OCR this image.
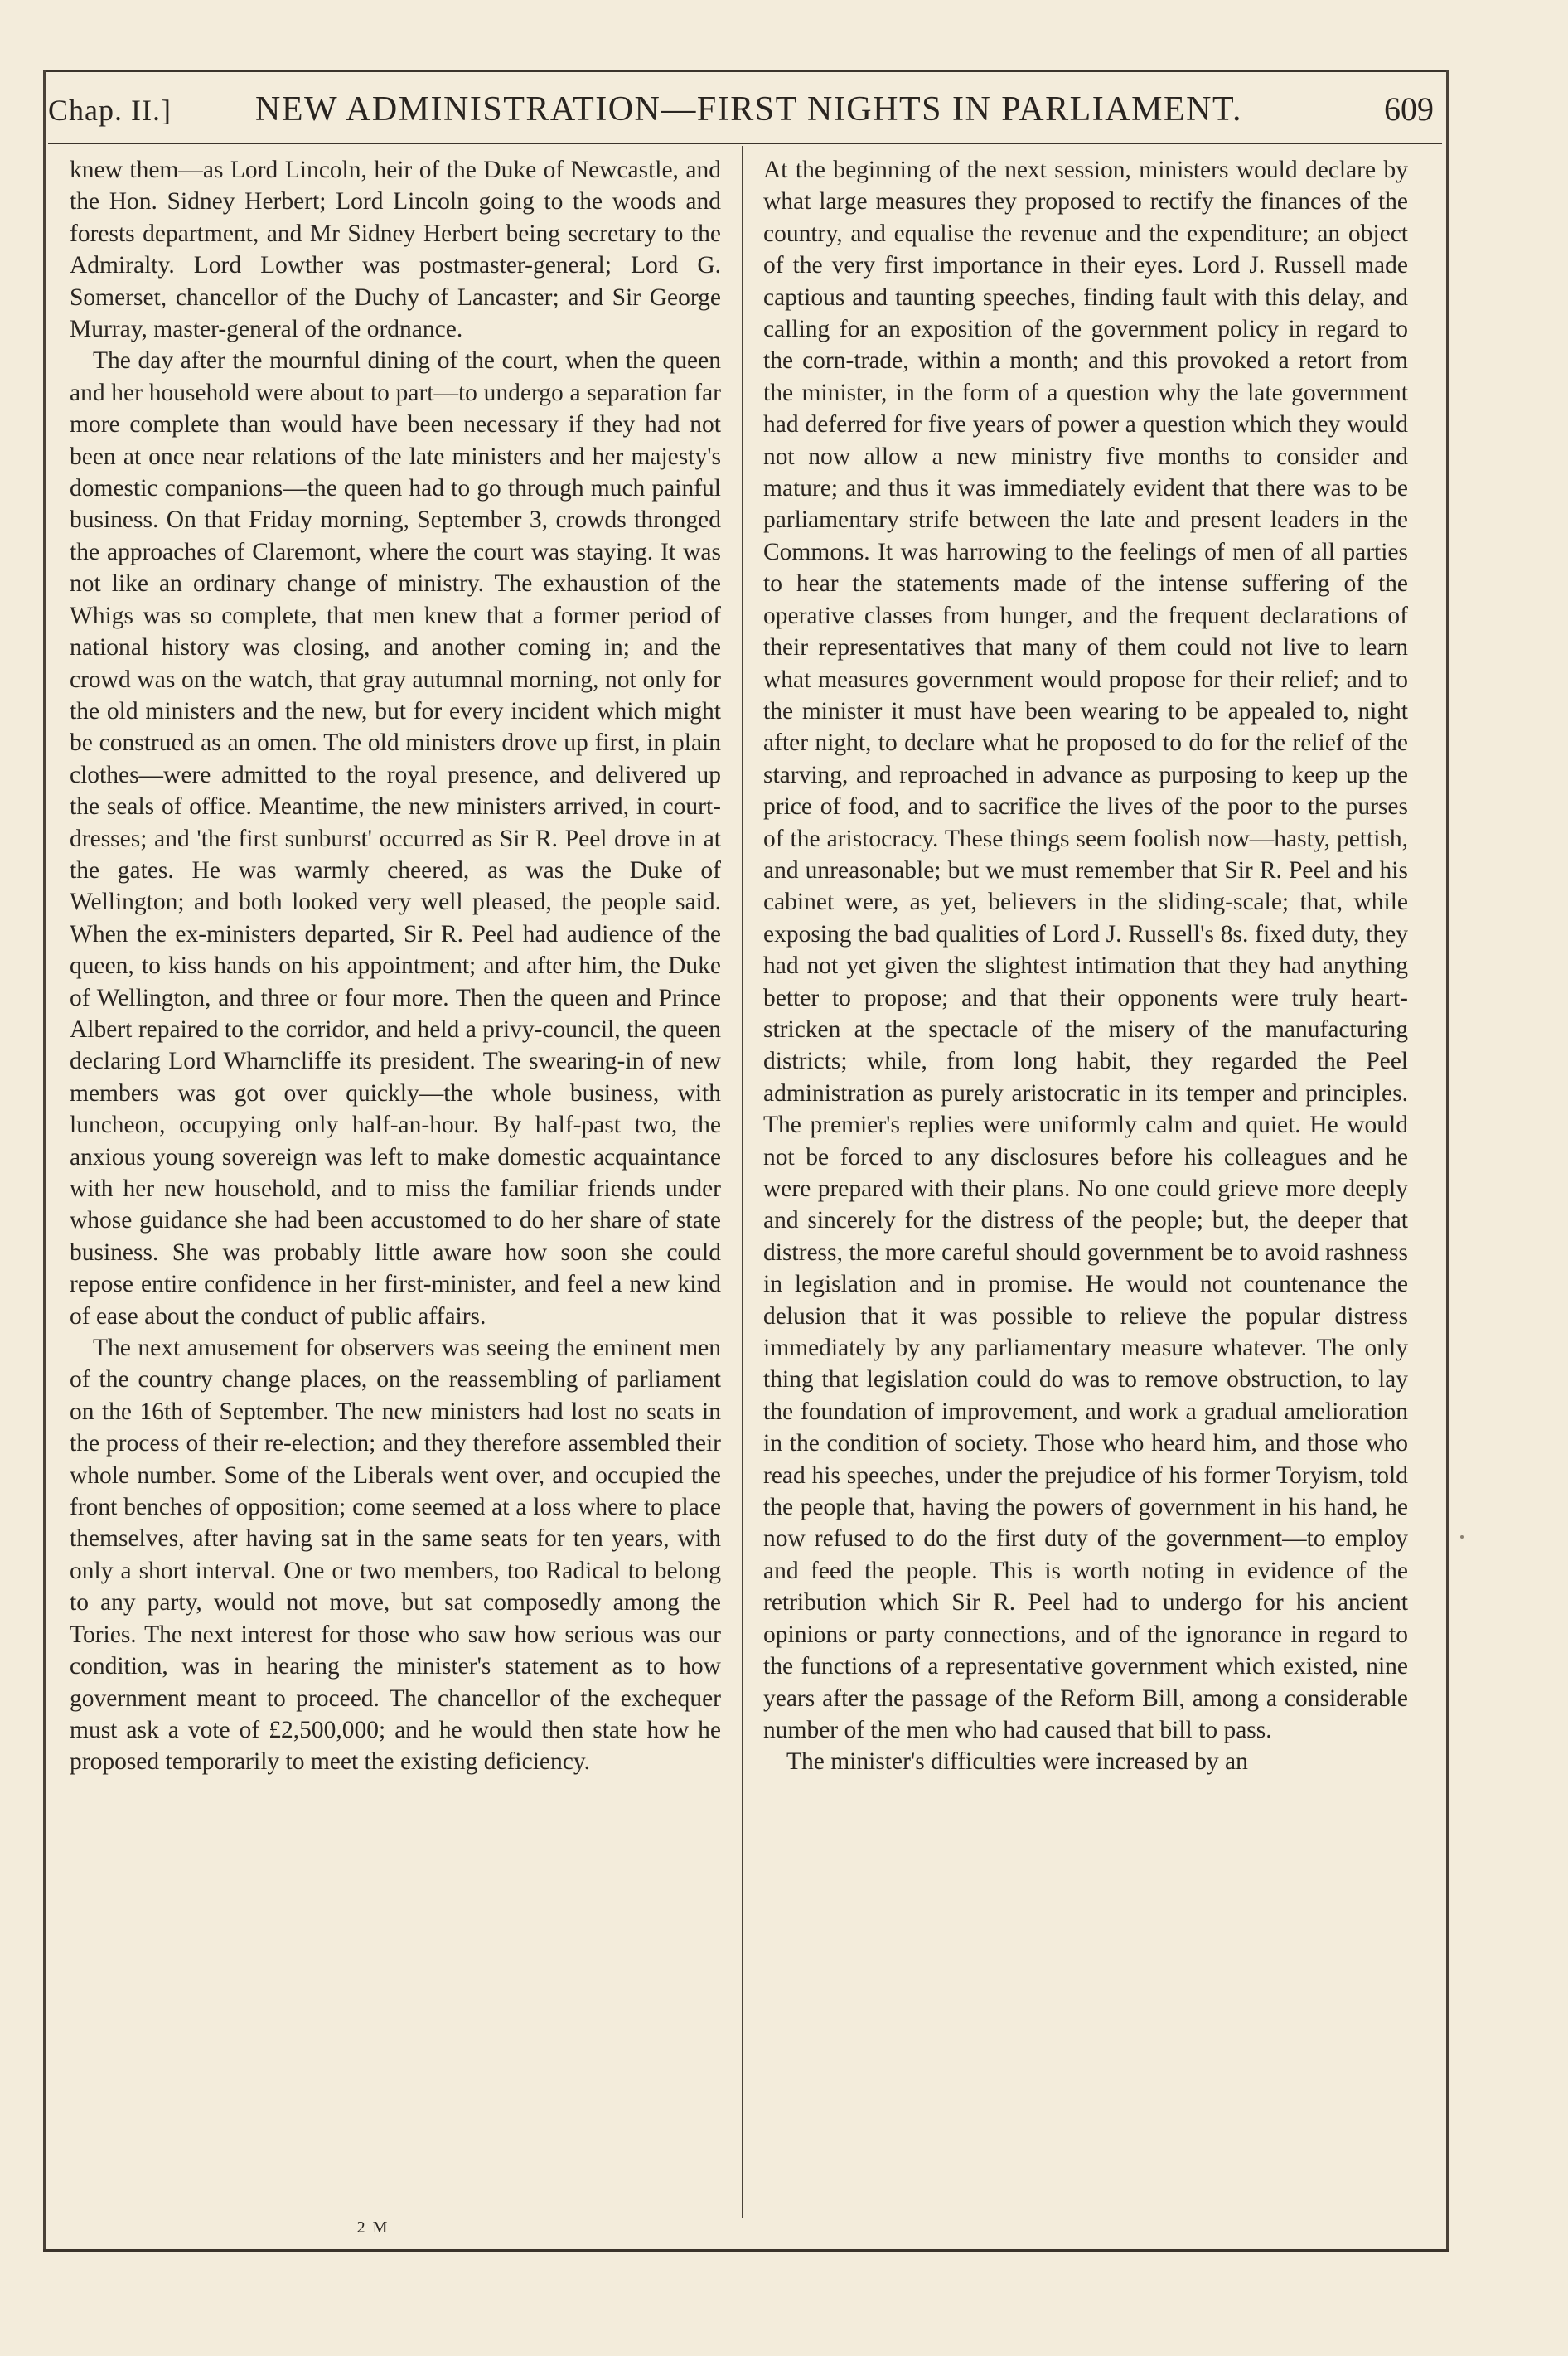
Chap. II.] NEW ADMINISTRATION—FIRST NIGHTS IN PARLIAMENT.	609

knew them—as Lord Lincoln, heir of the Duke of Newcastle, and the Hon. Sidney Herbert; Lord Lincoln going to the woods and forests department, and Mr Sidney Herbert being secretary to the Admiralty. Lord Lowther was postmaster-general; Lord G. Somerset, chancellor of the Duchy of Lancaster; and Sir George Murray, master-general of the ordnance.

The day after the mournful dining of the court, when the queen and her household were about to part—to undergo a separation far more complete than would have been necessary if they had not been at once near relations of the late ministers and her majesty's domestic companions—the queen had to go through much painful business. On that Friday morning, September 3, crowds thronged the approaches of Claremont, where the court was staying. It was not like an ordinary change of ministry. The exhaustion of the Whigs was so complete, that men knew that a former period of national history was closing, and another coming in; and the crowd was on the watch, that gray autumnal morning, not only for the old ministers and the new, but for every incident which might be construed as an omen. The old ministers drove up first, in plain clothes—were admitted to the royal presence, and delivered up the seals of office. Meantime, the new ministers arrived, in court-dresses; and 'the first sunburst' occurred as Sir R. Peel drove in at the gates. He was warmly cheered, as was the Duke of Wellington; and both looked very well pleased, the people said. When the ex-ministers departed, Sir R. Peel had audience of the queen, to kiss hands on his appointment; and after him, the Duke of Wellington, and three or four more. Then the queen and Prince Albert repaired to the corridor, and held a privy-council, the queen declaring Lord Wharncliffe its president. The swearing-in of new members was got over quickly—the whole business, with luncheon, occupying only half-an-hour. By half-past two, the anxious young sovereign was left to make domestic acquaintance with her new household, and to miss the familiar friends under whose guidance she had been accustomed to do her share of state business. She was probably little aware how soon she could repose entire confidence in her first-minister, and feel a new kind of ease about the conduct of public affairs.

The next amusement for observers was seeing the eminent men of the country change places, on the reassembling of parliament on the 16th of September. The new ministers had lost no seats in the process of their re-election; and they therefore assembled their whole number. Some of the Liberals went over, and occupied the front benches of opposition; come seemed at a loss where to place themselves, after having sat in the same seats for ten years, with only a short interval. One or two members, too Radical to belong to any party, would not move, but sat composedly among the Tories. The next interest for those who saw how serious was our condition, was in hearing the minister's statement as to how government meant to proceed. The chancellor of the exchequer must ask a vote of £2,500,000; and he would then state how he proposed temporarily to meet the existing deficiency.

At the beginning of the next session, ministers would declare by what large measures they proposed to rectify the finances of the country, and equalise the revenue and the expenditure; an object of the very first importance in their eyes. Lord J. Russell made captious and taunting speeches, finding fault with this delay, and calling for an exposition of the government policy in regard to the corn-trade, within a month; and this provoked a retort from the minister, in the form of a question why the late government had deferred for five years of power a question which they would not now allow a new ministry five months to consider and mature; and thus it was immediately evident that there was to be parliamentary strife between the late and present leaders in the Commons. It was harrowing to the feelings of men of all parties to hear the statements made of the intense suffering of the operative classes from hunger, and the frequent declarations of their representatives that many of them could not live to learn what measures government would propose for their relief; and to the minister it must have been wearing to be appealed to, night after night, to declare what he proposed to do for the relief of the starving, and reproached in advance as purposing to keep up the price of food, and to sacrifice the lives of the poor to the purses of the aristocracy. These things seem foolish now—hasty, pettish, and unreasonable; but we must remember that Sir R. Peel and his cabinet were, as yet, believers in the sliding-scale; that, while exposing the bad qualities of Lord J. Russell's 8s. fixed duty, they had not yet given the slightest intimation that they had anything better to propose; and that their opponents were truly heart-stricken at the spectacle of the misery of the manufacturing districts; while, from long habit, they regarded the Peel administration as purely aristocratic in its temper and principles. The premier's replies were uniformly calm and quiet. He would not be forced to any disclosures before his colleagues and he were prepared with their plans. No one could grieve more deeply and sincerely for the distress of the people; but, the deeper that distress, the more careful should government be to avoid rashness in legislation and in promise. He would not countenance the delusion that it was possible to relieve the popular distress immediately by any parliamentary measure whatever. The only thing that legislation could do was to remove obstruction, to lay the foundation of improvement, and work a gradual amelioration in the condition of society. Those who heard him, and those who read his speeches, under the prejudice of his former Toryism, told the people that, having the powers of government in his hand, he now refused to do the first duty of the government—to employ and feed the people. This is worth noting in evidence of the retribution which Sir R. Peel had to undergo for his ancient opinions or party connections, and of the ignorance in regard to the functions of a representative government which existed, nine years after the passage of the Reform Bill, among a considerable number of the men who had caused that bill to pass.

The minister's difficulties were increased by an

2 M
